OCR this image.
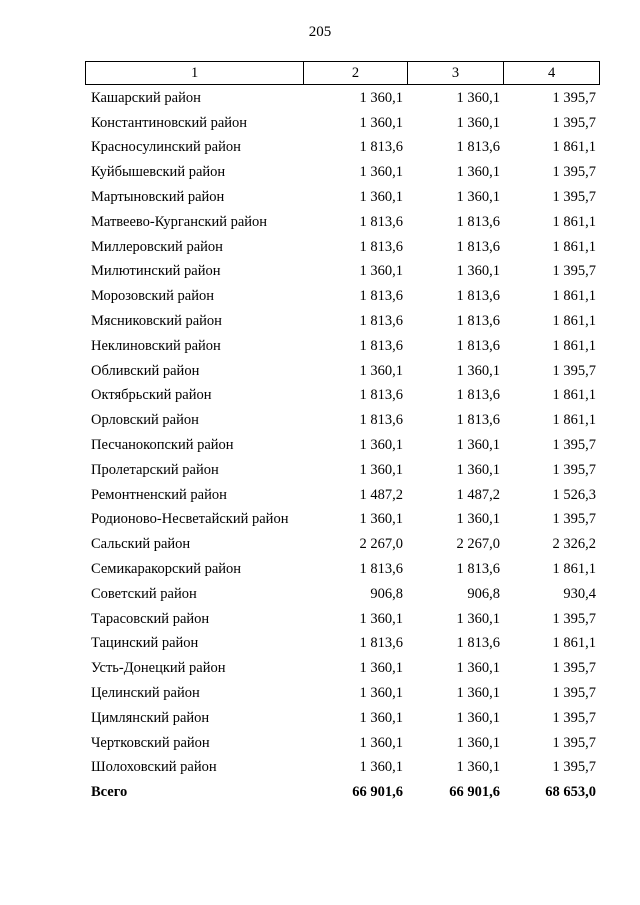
205
1	2	3	4
Кашарский район	1 360,1	1 360,1	1 395,7
Константиновский район	1 360,1	1 360,1	1 395,7
Красносулинский район	1 813,6	1 813,6	1 861,1
Куйбышевский район	1 360,1	1 360,1	1 395,7
Мартыновский район	1 360,1	1 360,1	1 395,7
Матвеево-Курганский район	1 813,6	1 813,6	1 861,1
Миллеровский район	1 813,6	1 813,6	1 861,1
Милютинский район	1 360,1	1 360,1	1 395,7
Морозовский район	1 813,6	1 813,6	1 861,1
Мясниковский район	1 813,6	1 813,6	1 861,1
Неклиновский район	1 813,6	1 813,6	1 861,1
Обливский район	1 360,1	1 360,1	1 395,7
Октябрьский район	1 813,6	1 813,6	1 861,1
Орловский район	1 813,6	1 813,6	1 861,1
Песчанокопский район	1 360,1	1 360,1	1 395,7
Пролетарский район	1 360,1	1 360,1	1 395,7
Ремонтненский район	1 487,2	1 487,2	1 526,3
Родионово-Несветайский район	1 360,1	1 360,1	1 395,7
Сальский район	2 267,0	2 267,0	2 326,2
Семикаракорский район	1 813,6	1 813,6	1 861,1
Советский район	906,8	906,8	930,4
Тарасовский район	1 360,1	1 360,1	1 395,7
Тацинский район	1 813,6	1 813,6	1 861,1
Усть-Донецкий район	1 360,1	1 360,1	1 395,7
Целинский район	1 360,1	1 360,1	1 395,7
Цимлянский район	1 360,1	1 360,1	1 395,7
Чертковский район	1 360,1	1 360,1	1 395,7
Шолоховский район	1 360,1	1 360,1	1 395,7
Всего	66 901,6	66 901,6	68 653,0
